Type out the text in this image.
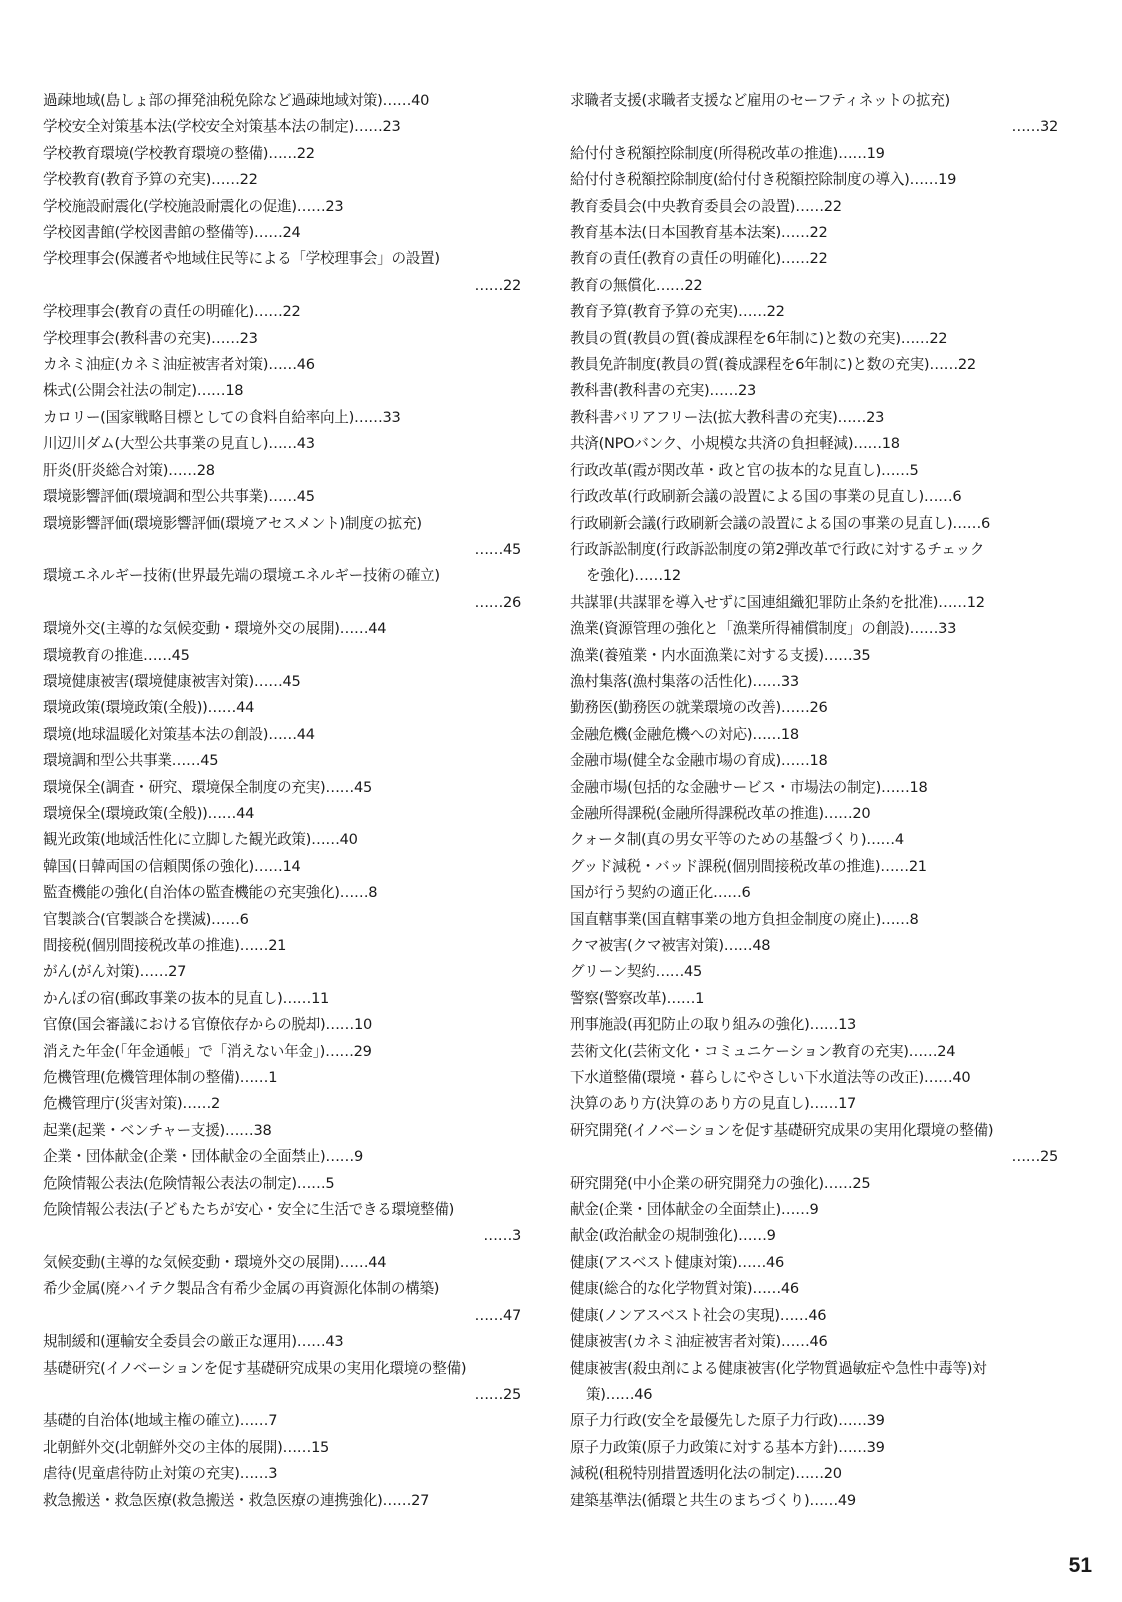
過疎地域(島しょ部の揮発油税免除など過疎地域対策)……40
学校安全対策基本法(学校安全対策基本法の制定)……23
学校教育環境(学校教育環境の整備)……22
学校教育(教育予算の充実)……22
学校施設耐震化(学校施設耐震化の促進)……23
学校図書館(学校図書館の整備等)……24
学校理事会(保護者や地域住民等による「学校理事会」の設置)
……22
学校理事会(教育の責任の明確化)……22
学校理事会(教科書の充実)……23
カネミ油症(カネミ油症被害者対策)……46
株式(公開会社法の制定)……18
カロリー(国家戦略目標としての食料自給率向上)……33
川辺川ダム(大型公共事業の見直し)……43
肝炎(肝炎総合対策)……28
環境影響評価(環境調和型公共事業)……45
環境影響評価(環境影響評価(環境アセスメント)制度の拡充)
……45
環境エネルギー技術(世界最先端の環境エネルギー技術の確立)
……26
環境外交(主導的な気候変動・環境外交の展開)……44
環境教育の推進……45
環境健康被害(環境健康被害対策)……45
環境政策(環境政策(全般))……44
環境(地球温暖化対策基本法の創設)……44
環境調和型公共事業……45
環境保全(調査・研究、環境保全制度の充実)……45
環境保全(環境政策(全般))……44
観光政策(地域活性化に立脚した観光政策)……40
韓国(日韓両国の信頼関係の強化)……14
監査機能の強化(自治体の監査機能の充実強化)……8
官製談合(官製談合を撲滅)……6
間接税(個別間接税改革の推進)……21
がん(がん対策)……27
かんぽの宿(郵政事業の抜本的見直し)……11
官僚(国会審議における官僚依存からの脱却)……10
消えた年金(「年金通帳」で「消えない年金」)……29
危機管理(危機管理体制の整備)……1
危機管理庁(災害対策)……2
起業(起業・ベンチャー支援)……38
企業・団体献金(企業・団体献金の全面禁止)……9
危険情報公表法(危険情報公表法の制定)……5
危険情報公表法(子どもたちが安心・安全に生活できる環境整備)
……3
気候変動(主導的な気候変動・環境外交の展開)……44
希少金属(廃ハイテク製品含有希少金属の再資源化体制の構築)
……47
規制緩和(運輸安全委員会の厳正な運用)……43
基礎研究(イノベーションを促す基礎研究成果の実用化環境の整備)
……25
基礎的自治体(地域主権の確立)……7
北朝鮮外交(北朝鮮外交の主体的展開)……15
虐待(児童虐待防止対策の充実)……3
救急搬送・救急医療(救急搬送・救急医療の連携強化)……27
求職者支援(求職者支援など雇用のセーフティネットの拡充)
……32
給付付き税額控除制度(所得税改革の推進)……19
給付付き税額控除制度(給付付き税額控除制度の導入)……19
教育委員会(中央教育委員会の設置)……22
教育基本法(日本国教育基本法案)……22
教育の責任(教育の責任の明確化)……22
教育の無償化……22
教育予算(教育予算の充実)……22
教員の質(教員の質(養成課程を6年制に)と数の充実)……22
教員免許制度(教員の質(養成課程を6年制に)と数の充実)……22
教科書(教科書の充実)……23
教科書バリアフリー法(拡大教科書の充実)……23
共済(NPOバンク、小規模な共済の負担軽減)……18
行政改革(霞が関改革・政と官の抜本的な見直し)……5
行政改革(行政刷新会議の設置による国の事業の見直し)……6
行政刷新会議(行政刷新会議の設置による国の事業の見直し)……6
行政訴訟制度(行政訴訟制度の第2弾改革で行政に対するチェック
を強化)……12
共謀罪(共謀罪を導入せずに国連組織犯罪防止条約を批准)……12
漁業(資源管理の強化と「漁業所得補償制度」の創設)……33
漁業(養殖業・内水面漁業に対する支援)……35
漁村集落(漁村集落の活性化)……33
勤務医(勤務医の就業環境の改善)……26
金融危機(金融危機への対応)……18
金融市場(健全な金融市場の育成)……18
金融市場(包括的な金融サービス・市場法の制定)……18
金融所得課税(金融所得課税改革の推進)……20
クォータ制(真の男女平等のための基盤づくり)……4
グッド減税・バッド課税(個別間接税改革の推進)……21
国が行う契約の適正化……6
国直轄事業(国直轄事業の地方負担金制度の廃止)……8
クマ被害(クマ被害対策)……48
グリーン契約……45
警察(警察改革)……1
刑事施設(再犯防止の取り組みの強化)……13
芸術文化(芸術文化・コミュニケーション教育の充実)……24
下水道整備(環境・暮らしにやさしい下水道法等の改正)……40
決算のあり方(決算のあり方の見直し)……17
研究開発(イノベーションを促す基礎研究成果の実用化環境の整備)
……25
研究開発(中小企業の研究開発力の強化)……25
献金(企業・団体献金の全面禁止)……9
献金(政治献金の規制強化)……9
健康(アスベスト健康対策)……46
健康(総合的な化学物質対策)……46
健康(ノンアスベスト社会の実現)……46
健康被害(カネミ油症被害者対策)……46
健康被害(殺虫剤による健康被害(化学物質過敏症や急性中毒等)対
策)……46
原子力行政(安全を最優先した原子力行政)……39
原子力政策(原子力政策に対する基本方針)……39
減税(租税特別措置透明化法の制定)……20
建築基準法(循環と共生のまちづくり)……49
51
